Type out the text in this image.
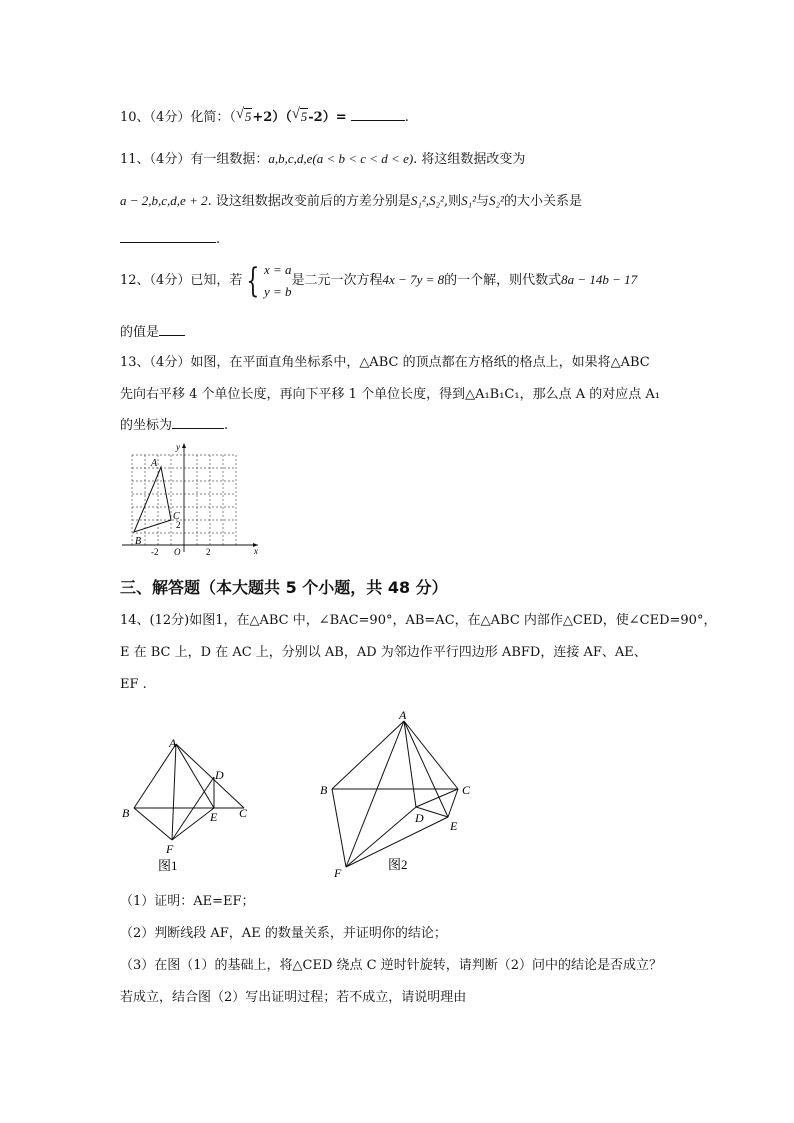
10、（4分）化简：（ √ 5+2）（ √ 5-2）=	.
11、（4分）有一组数据：a,b,c,d,e(a < b < c < d < e). 将这组数据改变为
a − 2,b,c,d,e + 2. 设这组数据改变前后的方差分别是S₁²,S₂²,则S₁²与S₂²的大小关系是
.
12、（4分）已知，若 { x = a
y = b是二元一次方程4x − 7y = 8的一个解，则代数式8a − 14b − 17
的值是
13、（4分）如图，在平面直角坐标系中，△ABC 的顶点都在方格纸的格点上，如果将△ABC
先向右平移 4 个单位长度，再向下平移 1 个单位长度，得到△A₁B₁C₁，那么点 A 的对应点 A₁
的坐标为	.
y
x
A
B
C
2
-2 O	2
三、解答题（本大题共 5 个小题，共 48 分）
14、(12分)如图1，在△ABC 中，∠BAC=90°，AB=AC，在△ABC 内部作△CED，使∠CED=90°，
E 在 BC 上，D 在 AC 上，分别以 AB，AD 为邻边作平行四边形 ABFD，连接 AF、AE、
EF .
A
B	C
D
E
F
图1
A
B	C
D
E
F
图2
（1）证明：AE=EF；
（2）判断线段 AF，AE 的数量关系，并证明你的结论；
（3）在图（1）的基础上，将△CED 绕点 C 逆时针旋转，请判断（2）问中的结论是否成立？
若成立，结合图（2）写出证明过程；若不成立，请说明理由
